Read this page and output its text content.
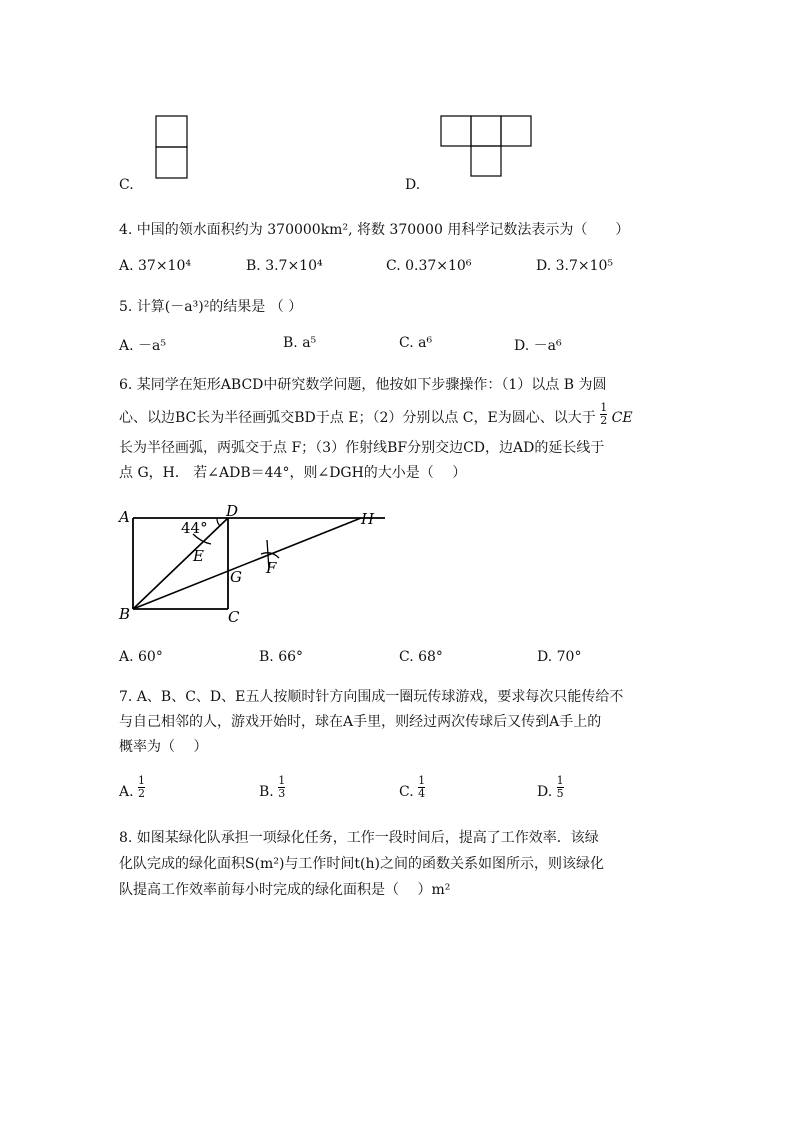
C.	D.
4. 中国的领水面积约为 370000km², 将数 370000 用科学记数法表示为（　　）
A. 37×10⁴	B. 3.7×10⁴	C. 0.37×10⁶	D. 3.7×10⁵
5. 计算(－a³)²的结果是 （ ）
A. －a⁵	B. a⁵	C. a⁶	D. －a⁶
6. 某同学在矩形ABCD中研究数学问题，他按如下步骤操作：（1）以点 B 为圆
心、以边BC长为半径画弧交BD于点 E；（2）分别以点 C，E为圆心、以大于 $\frac{1}{2}$ CE
长为半径画弧，两弧交于点 F；（3）作射线BF分别交边CD，边AD的延长线于
点 G，H． 若∠ADB＝44°，则∠DGH的大小是（　 ）
A	D	H
B	C
E
G F
44°
A. 60°	B. 66°	C. 68°	D. 70°
7. A、B、C、D、E五人按顺时针方向围成一圈玩传球游戏，要求每次只能传给不
与自己相邻的人，游戏开始时，球在A手里，则经过两次传球后又传到A手上的
概率为（　 ）
A. $\frac{1}{2}$	B. $\frac{1}{3}$	C. $\frac{1}{4}$	D. $\frac{1}{5}$
8. 如图某绿化队承担一项绿化任务，工作一段时间后，提高了工作效率．该绿
化队完成的绿化面积S(m²)与工作时间t(h)之间的函数关系如图所示，则该绿化
队提高工作效率前每小时完成的绿化面积是（　 ）m²
